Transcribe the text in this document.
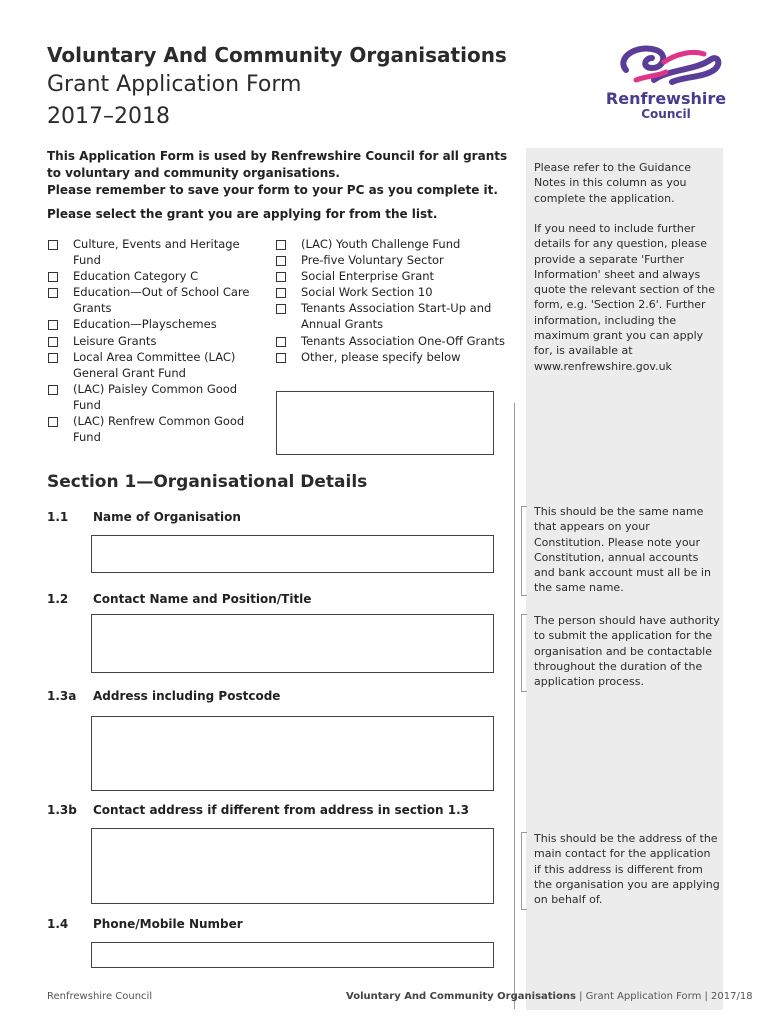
Voluntary And Community Organisations
Grant Application Form
2017–2018
Renfrewshire
Council
This Application Form is used by Renfrewshire Council for all grants to voluntary and community organisations.
Please remember to save your form to your PC as you complete it.
Please select the grant you are applying for from the list.
Please refer to the Guidance Notes in this column as you complete the application.
If you need to include further details for any question, please provide a separate 'Further Information' sheet and always quote the relevant section of the form, e.g. 'Section 2.6'. Further information, including the maximum grant you can apply for, is available at www.renfrewshire.gov.uk
This should be the same name that appears on your Constitution. Please note your Constitution, annual accounts and bank account must all be in the same name.
The person should have authority to submit the application for the organisation and be contactable throughout the duration of the application process.
This should be the address of the main contact for the application if this address is different from the organisation you are applying on behalf of.
Culture, Events and Heritage Fund
Education Category C
Education—Out of School Care Grants
Education—Playschemes
Leisure Grants
Local Area Committee (LAC) General Grant Fund
(LAC) Paisley Common Good Fund
(LAC) Renfrew Common Good Fund
(LAC) Youth Challenge Fund
Pre-five Voluntary Sector
Social Enterprise Grant
Social Work Section 10
Tenants Association Start-Up and Annual Grants
Tenants Association One-Off Grants
Other, please specify below
Section 1—Organisational Details
1.1 Name of Organisation
1.2 Contact Name and Position/Title
1.3a Address including Postcode
1.3b Contact address if different from address in section 1.3
1.4 Phone/Mobile Number
Renfrewshire Council	Voluntary And Community Organisations | Grant Application Form | 2017/18
